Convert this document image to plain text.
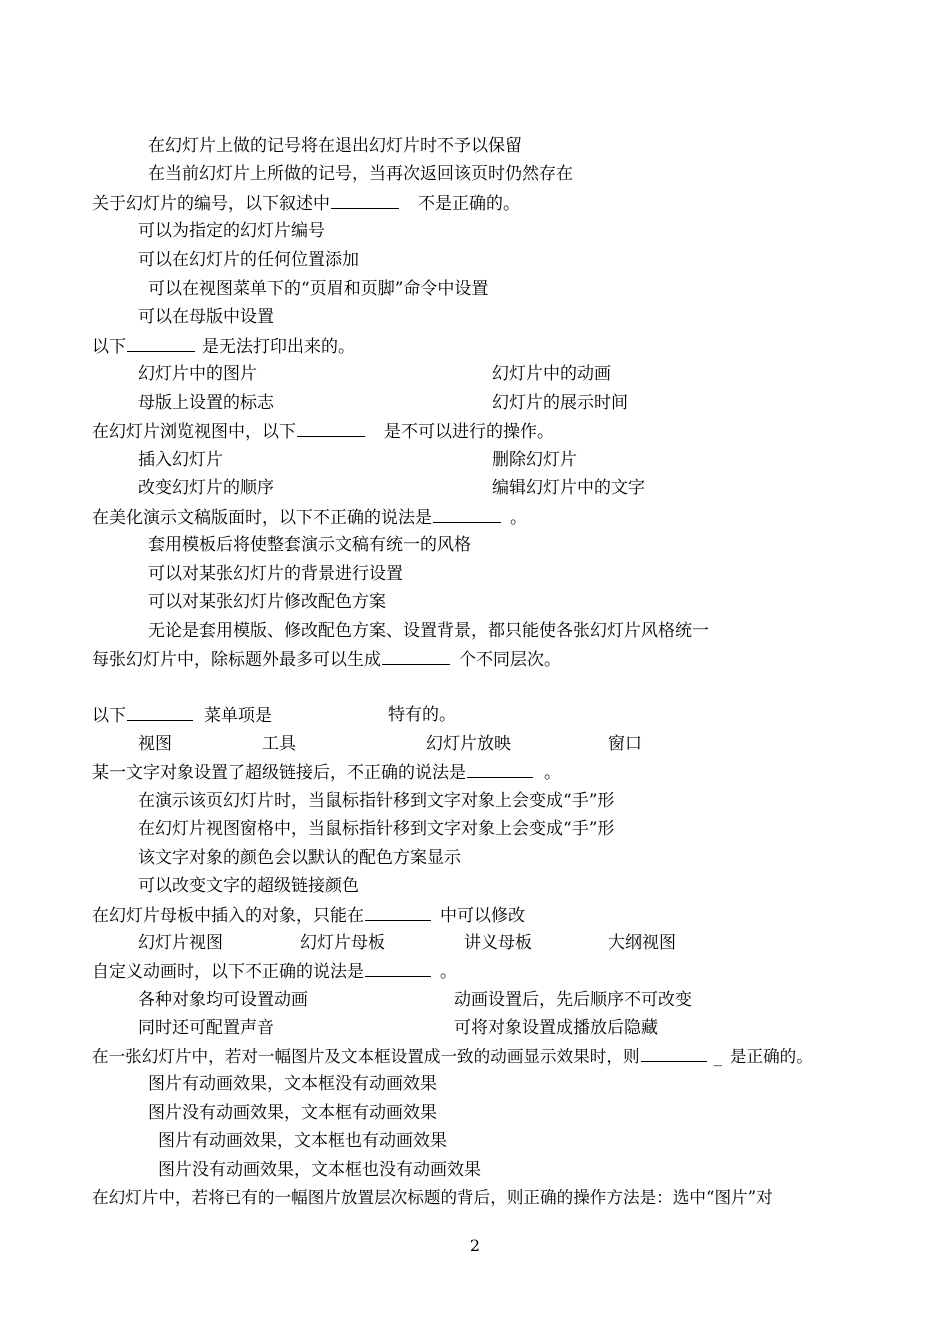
在幻灯片上做的记号将在退出幻灯片时不予以保留
在当前幻灯片上所做的记号，当再次返回该页时仍然存在
关于幻灯片的编号，以下叙述中	不是正确的。
可以为指定的幻灯片编号
可以在幻灯片的任何位置添加
可以在视图菜单下的“页眉和页脚”命令中设置
可以在母版中设置
以下	是无法打印出来的。
幻灯片中的图片	幻灯片中的动画
母版上设置的标志	幻灯片的展示时间
在幻灯片浏览视图中，以下	是不可以进行的操作。
插入幻灯片	删除幻灯片
改变幻灯片的顺序	编辑幻灯片中的文字
在美化演示文稿版面时，以下不正确的说法是	。
套用模板后将使整套演示文稿有统一的风格
可以对某张幻灯片的背景进行设置
可以对某张幻灯片修改配色方案
无论是套用模版、修改配色方案、设置背景，都只能使各张幻灯片风格统一
每张幻灯片中，除标题外最多可以生成	个不同层次。
以下	菜单项是	特有的。
视图	工具	幻灯片放映	窗口
某一文字对象设置了超级链接后，不正确的说法是	。
在演示该页幻灯片时，当鼠标指针移到文字对象上会变成“手”形
在幻灯片视图窗格中，当鼠标指针移到文字对象上会变成“手”形
该文字对象的颜色会以默认的配色方案显示
可以改变文字的超级链接颜色
在幻灯片母板中插入的对象，只能在	中可以修改
幻灯片视图	幻灯片母板	讲义母板	大纲视图
自定义动画时，以下不正确的说法是	。
各种对象均可设置动画	动画设置后，先后顺序不可改变
同时还可配置声音	可将对象设置成播放后隐藏
在一张幻灯片中，若对一幅图片及文本框设置成一致的动画显示效果时，则	_ 是正确的。
图片有动画效果，文本框没有动画效果
图片没有动画效果，文本框有动画效果
图片有动画效果，文本框也有动画效果
图片没有动画效果，文本框也没有动画效果
在幻灯片中，若将已有的一幅图片放置层次标题的背后，则正确的操作方法是：选中“图片”对
2
